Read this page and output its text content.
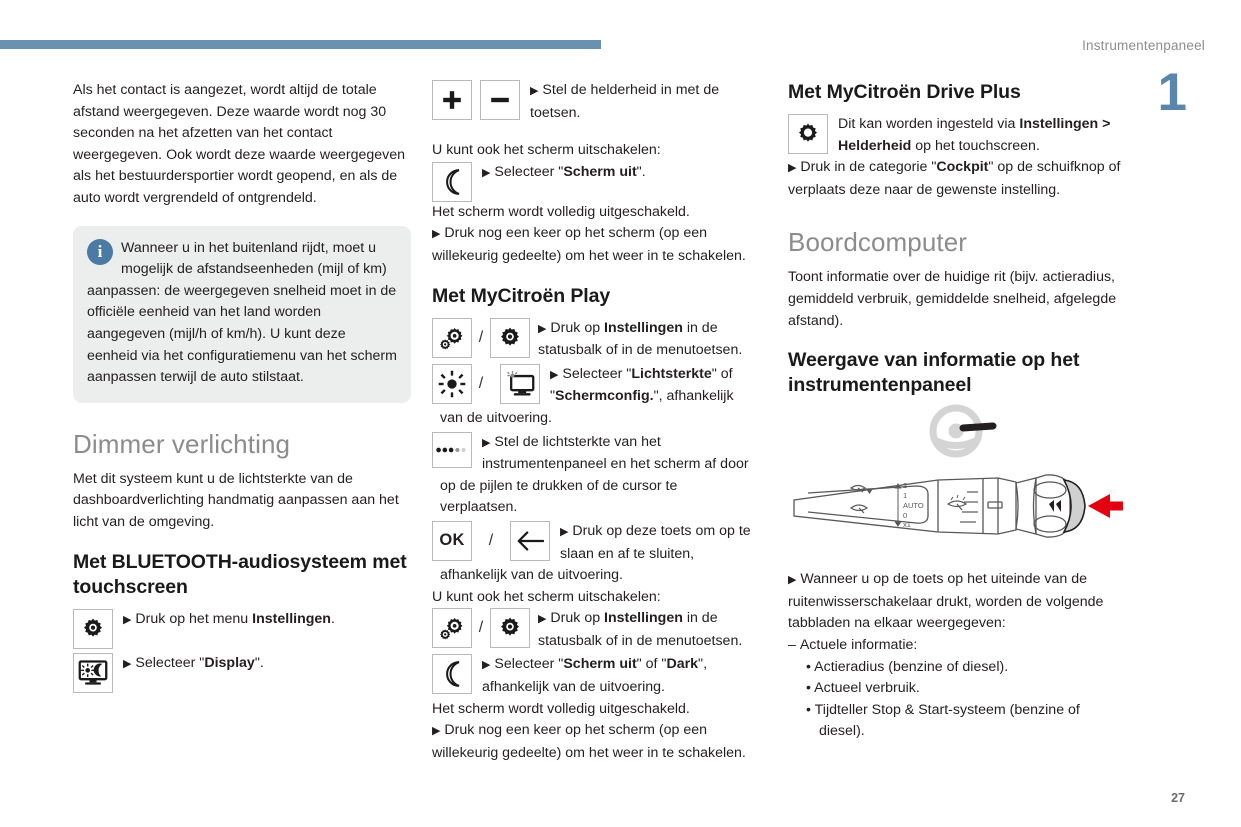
Instrumentenpaneel
1
27

Als het contact is aangezet, wordt altijd de totale afstand weergegeven. Deze waarde wordt nog 30 seconden na het afzetten van het contact weergegeven. Ook wordt deze waarde weergegeven als het bestuurdersportier wordt geopend, en als de auto wordt vergrendeld of ontgrendeld.

i	Wanneer u in het buitenland rijdt, moet u mogelijk de afstandseenheden (mijl of km) aanpassen: de weergegeven snelheid moet in de officiële eenheid van het land worden aangegeven (mijl/h of km/h). U kunt deze eenheid via het configuratiemenu van het scherm aanpassen terwijl de auto stilstaat.
Dimmer verlichting

Met dit systeem kunt u de lichtsterkte van de dashboardverlichting handmatig aanpassen aan het licht van de omgeving.

Met BLUETOOTH-audiosysteem met touchscreen
▶ Druk op het menu Instellingen.
▶ Selecteer "Display".
▶ Stel de helderheid in met de toetsen.

U kunt ook het scherm uitschakelen:

▶ Selecteer "Scherm uit".

Het scherm wordt volledig uitgeschakeld.

▶ Druk nog een keer op het scherm (op een willekeurig gedeelte) om het weer in te schakelen.

Met MyCitroën Play
/
▶ Druk op Instellingen in de statusbalk of in de menutoetsen.
/
▶ Selecteer "Lichtsterkte" of "Schermconfig.", afhankelijk van de uitvoering.
▶ Stel de lichtsterkte van het instrumentenpaneel en het scherm af door op de pijlen te drukken of de cursor te verplaatsen.
OK	/
▶ Druk op deze toets om op te slaan en af te sluiten, afhankelijk van de uitvoering.

U kunt ook het scherm uitschakelen:

/
▶ Druk op Instellingen in de statusbalk of in de menutoetsen.
▶ Selecteer "Scherm uit" of "Dark", afhankelijk van de uitvoering.

Het scherm wordt volledig uitgeschakeld.

▶ Druk nog een keer op het scherm (op een willekeurig gedeelte) om het weer in te schakelen.

Met MyCitroën Drive Plus
Dit kan worden ingesteld via Instellingen > Helderheid op het touchscreen.

▶ Druk in de categorie "Cockpit" op de schuifknop of verplaats deze naar de gewenste instelling.

Boordcomputer

Toont informatie over de huidige rit (bijv. actieradius, gemiddeld verbruik, gemiddelde snelheid, afgelegde afstand).

Weergave van informatie op het instrumentenpaneel
2
1
AUTO
0
x1

▶ Wanneer u op de toets op het uiteinde van de ruitenwisserschakelaar drukt, worden de volgende tabbladen na elkaar weergegeven:

– Actuele informatie:
• Actieradius (benzine of diesel).
• Actueel verbruik.
• Tijdteller Stop & Start-systeem (benzine of diesel).
